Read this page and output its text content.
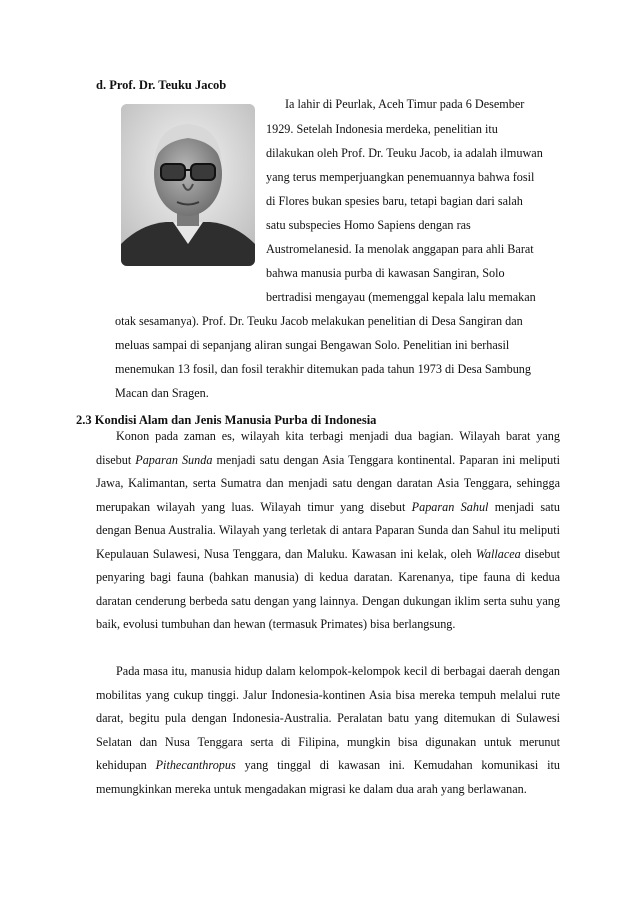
d. Prof. Dr. Teuku Jacob
Ia lahir di Peurlak, Aceh Timur pada 6 Desember
1929. Setelah Indonesia merdeka, penelitian itu
dilakukan oleh Prof. Dr. Teuku Jacob, ia adalah ilmuwan
yang terus memperjuangkan penemuannya bahwa fosil
di Flores bukan spesies baru, tetapi bagian dari salah
satu subspecies Homo Sapiens dengan ras
Austromelanesid. Ia menolak anggapan para ahli Barat
bahwa manusia purba di kawasan Sangiran, Solo
bertradisi mengayau (memenggal kepala lalu memakan
otak sesamanya). Prof. Dr. Teuku Jacob melakukan penelitian di Desa Sangiran dan
meluas sampai di sepanjang aliran sungai Bengawan Solo. Penelitian ini berhasil
menemukan 13 fosil, dan fosil terakhir ditemukan pada tahun 1973 di Desa Sambung
Macan dan Sragen.
2.3 Kondisi Alam dan Jenis Manusia Purba di Indonesia

Konon pada zaman es, wilayah kita terbagi menjadi dua bagian. Wilayah barat yang disebut Paparan Sunda menjadi satu dengan Asia Tenggara kontinental. Paparan ini meliputi Jawa, Kalimantan, serta Sumatra dan menjadi satu dengan daratan Asia Tenggara, sehingga merupakan wilayah yang luas. Wilayah timur yang disebut Paparan Sahul menjadi satu dengan Benua Australia. Wilayah yang terletak di antara Paparan Sunda dan Sahul itu meliputi Kepulauan Sulawesi, Nusa Tenggara, dan Maluku. Kawasan ini kelak, oleh Wallacea disebut penyaring bagi fauna (bahkan manusia) di kedua daratan. Karenanya, tipe fauna di kedua daratan cenderung berbeda satu dengan yang lainnya. Dengan dukungan iklim serta suhu yang baik, evolusi tumbuhan dan hewan (termasuk Primates) bisa berlangsung.

Pada masa itu, manusia hidup dalam kelompok-kelompok kecil di berbagai daerah dengan mobilitas yang cukup tinggi. Jalur Indonesia-kontinen Asia bisa mereka tempuh melalui rute darat, begitu pula dengan Indonesia-Australia. Peralatan batu yang ditemukan di Sulawesi Selatan dan Nusa Tenggara serta di Filipina, mungkin bisa digunakan untuk merunut kehidupan Pithecanthropus yang tinggal di kawasan ini. Kemudahan komunikasi itu memungkinkan mereka untuk mengadakan migrasi ke dalam dua arah yang berlawanan.
